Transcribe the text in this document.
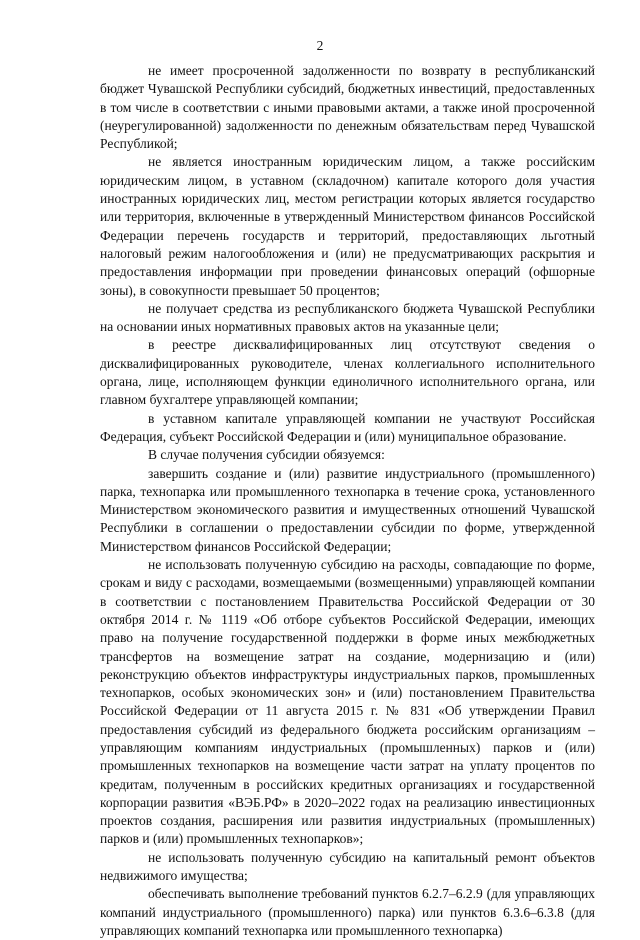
2

не имеет просроченной задолженности по возврату в республиканский бюджет Чувашской Республики субсидий, бюджетных инвестиций, предоставленных в том числе в соответствии с иными правовыми актами, а также иной просроченной (неурегулированной) задолженности по денежным обязательствам перед Чувашской Республикой;

не является иностранным юридическим лицом, а также российским юридическим лицом, в уставном (складочном) капитале которого доля участия иностранных юридических лиц, местом регистрации которых является государство или территория, включенные в утвержденный Министерством финансов Российской Федерации перечень государств и территорий, предоставляющих льготный налоговый режим налогообложения и (или) не предусматривающих раскрытия и предоставления информации при проведении финансовых операций (офшорные зоны), в совокупности превышает 50 процентов;

не получает средства из республиканского бюджета Чувашской Республики на основании иных нормативных правовых актов на указанные цели;

в реестре дисквалифицированных лиц отсутствуют сведения о дисквалифицированных руководителе, членах коллегиального исполнительного органа, лице, исполняющем функции единоличного исполнительного органа, или главном бухгалтере управляющей компании;

в уставном капитале управляющей компании не участвуют Российская Федерация, субъект Российской Федерации и (или) муниципальное образование.

В случае получения субсидии обязуемся:

завершить создание и (или) развитие индустриального (промышленного) парка, технопарка или промышленного технопарка в течение срока, установленного Министерством экономического развития и имущественных отношений Чувашской Республики в соглашении о предоставлении субсидии по форме, утвержденной Министерством финансов Российской Федерации;

не использовать полученную субсидию на расходы, совпадающие по форме, срокам и виду с расходами, возмещаемыми (возмещенными) управляющей компании в соответствии с постановлением Правительства Российской Федерации от 30 октября 2014 г. № 1119 «Об отборе субъектов Российской Федерации, имеющих право на получение государственной поддержки в форме иных межбюджетных трансфертов на возмещение затрат на создание, модернизацию и (или) реконструкцию объектов инфраструктуры индустриальных парков, промышленных технопарков, особых экономических зон» и (или) постановлением Правительства Российской Федерации от 11 августа 2015 г. № 831 «Об утверждении Правил предоставления субсидий из федерального бюджета российским организациям – управляющим компаниям индустриальных (промышленных) парков и (или) промышленных технопарков на возмещение части затрат на уплату процентов по кредитам, полученным в российских кредитных организациях и государственной корпорации развития «ВЭБ.РФ» в 2020–2022 годах на реализацию инвестиционных проектов создания, расширения или развития индустриальных (промышленных) парков и (или) промышленных технопарков»;

не использовать полученную субсидию на капитальный ремонт объектов недвижимого имущества;

обеспечивать выполнение требований пунктов 6.2.7–6.2.9 (для управляющих компаний индустриального (промышленного) парка) или пунктов 6.3.6–6.3.8 (для управляющих компаний технопарка или промышленного технопарка)
